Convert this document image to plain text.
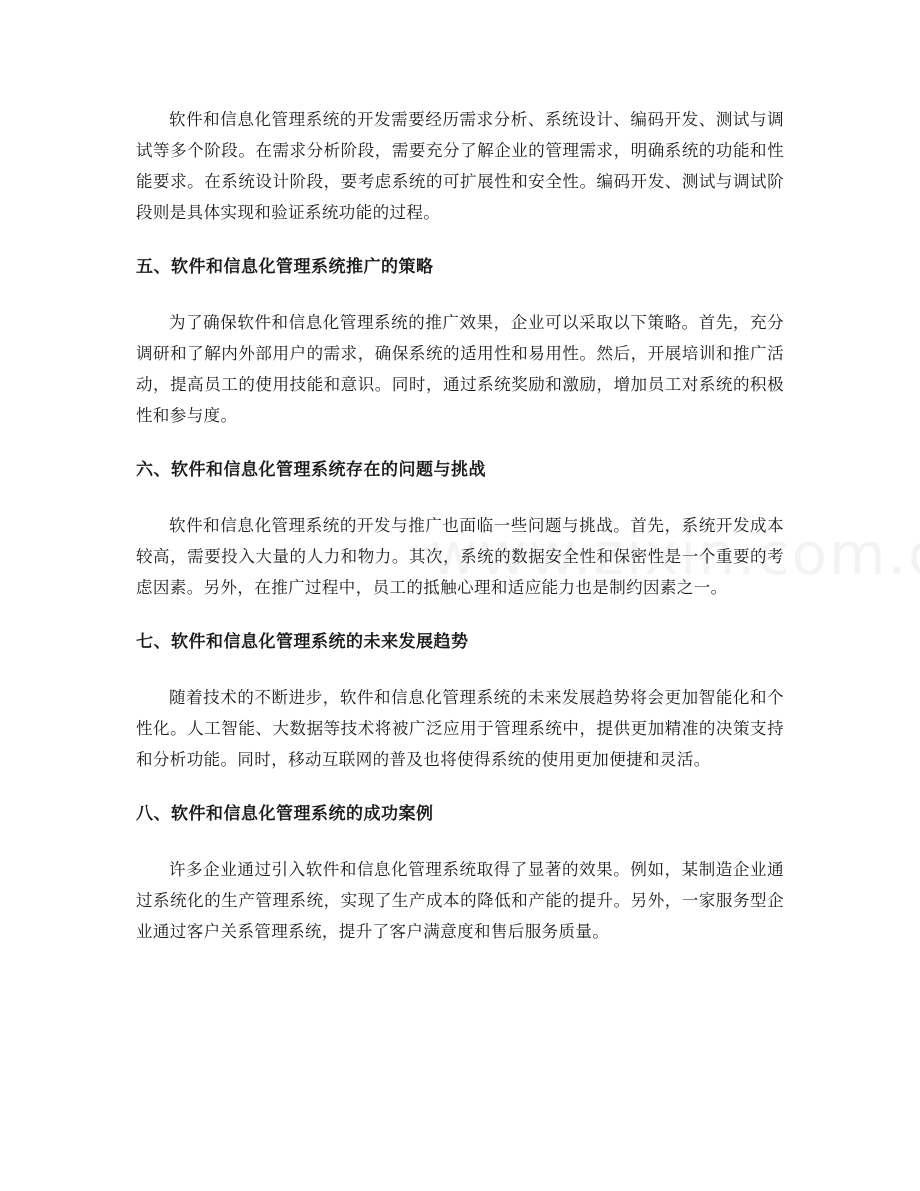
软件和信息化管理系统的开发需要经历需求分析、系统设计、编码开发、测试与调试等多个阶段。在需求分析阶段，需要充分了解企业的管理需求，明确系统的功能和性能要求。在系统设计阶段，要考虑系统的可扩展性和安全性。编码开发、测试与调试阶段则是具体实现和验证系统功能的过程。

五、软件和信息化管理系统推广的策略

为了确保软件和信息化管理系统的推广效果，企业可以采取以下策略。首先，充分调研和了解内外部用户的需求，确保系统的适用性和易用性。然后，开展培训和推广活动，提高员工的使用技能和意识。同时，通过系统奖励和激励，增加员工对系统的积极性和参与度。

六、软件和信息化管理系统存在的问题与挑战

软件和信息化管理系统的开发与推广也面临一些问题与挑战。首先，系统开发成本较高，需要投入大量的人力和物力。其次，系统的数据安全性和保密性是一个重要的考虑因素。另外，在推广过程中，员工的抵触心理和适应能力也是制约因素之一。

七、软件和信息化管理系统的未来发展趋势

随着技术的不断进步，软件和信息化管理系统的未来发展趋势将会更加智能化和个性化。人工智能、大数据等技术将被广泛应用于管理系统中，提供更加精准的决策支持和分析功能。同时，移动互联网的普及也将使得系统的使用更加便捷和灵活。

八、软件和信息化管理系统的成功案例

许多企业通过引入软件和信息化管理系统取得了显著的效果。例如，某制造企业通过系统化的生产管理系统，实现了生产成本的降低和产能的提升。另外，一家服务型企业通过客户关系管理系统，提升了客户满意度和售后服务质量。
